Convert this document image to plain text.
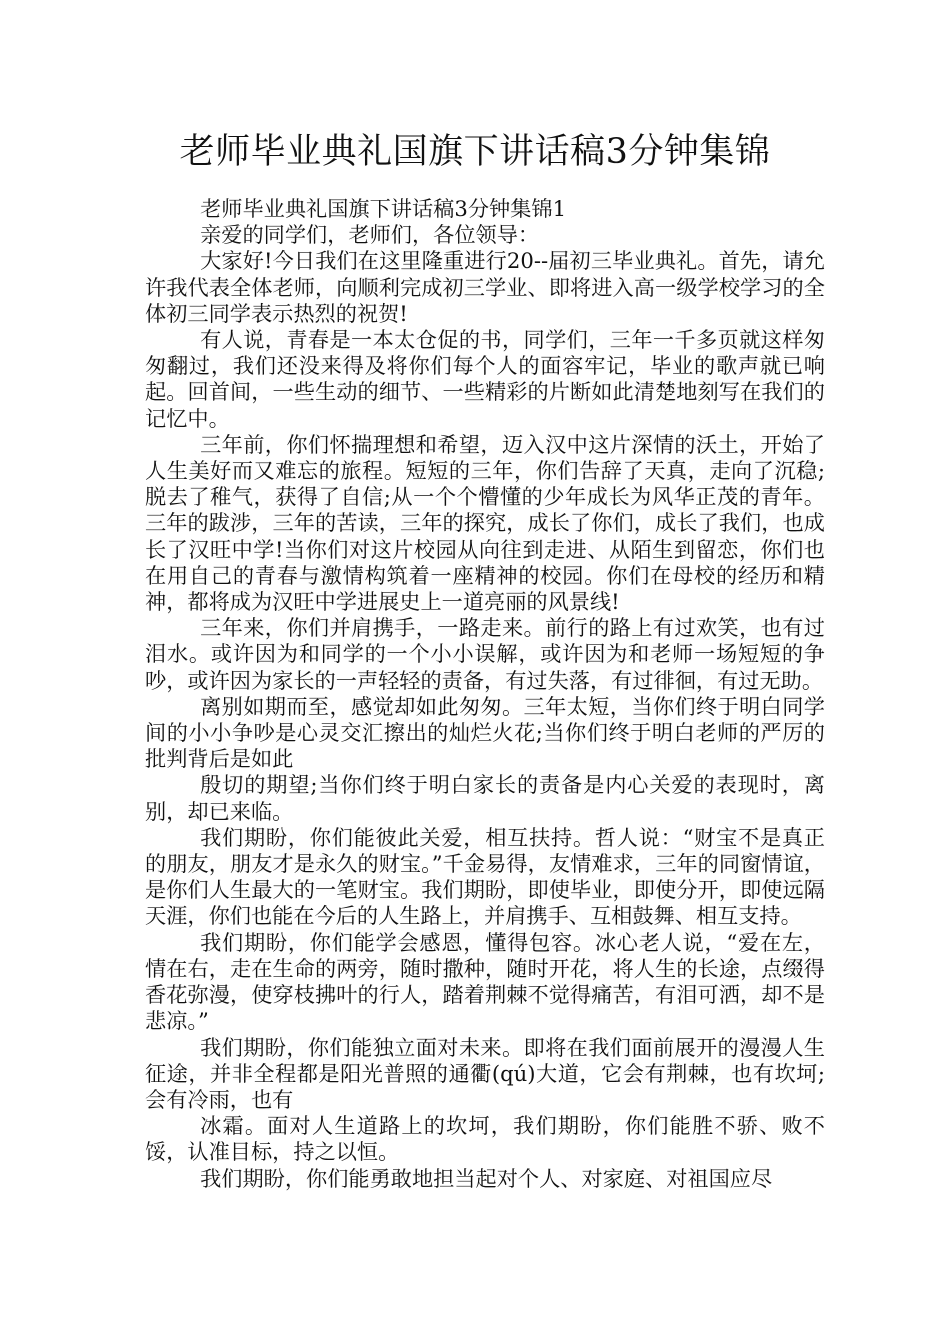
老师毕业典礼国旗下讲话稿3分钟集锦

老师毕业典礼国旗下讲话稿3分钟集锦1

亲爱的同学们，老师们，各位领导：

大家好!今日我们在这里隆重进行20--届初三毕业典礼。首先，请允许我代表全体老师，向顺利完成初三学业、即将进入高一级学校学习的全体初三同学表示热烈的祝贺!

有人说，青春是一本太仓促的书，同学们，三年一千多页就这样匆匆翻过，我们还没来得及将你们每个人的面容牢记，毕业的歌声就已响起。回首间，一些生动的细节、一些精彩的片断如此清楚地刻写在我们的记忆中。

三年前，你们怀揣理想和希望，迈入汉中这片深情的沃土，开始了人生美好而又难忘的旅程。短短的三年，你们告辞了天真，走向了沉稳;脱去了稚气，获得了自信;从一个个懵懂的少年成长为风华正茂的青年。三年的跋涉，三年的苦读，三年的探究，成长了你们，成长了我们，也成长了汉旺中学!当你们对这片校园从向往到走进、从陌生到留恋，你们也在用自己的青春与激情构筑着一座精神的校园。你们在母校的经历和精神，都将成为汉旺中学进展史上一道亮丽的风景线!

三年来，你们并肩携手，一路走来。前行的路上有过欢笑，也有过泪水。或许因为和同学的一个小小误解，或许因为和老师一场短短的争吵，或许因为家长的一声轻轻的责备，有过失落，有过徘徊，有过无助。

离别如期而至，感觉却如此匆匆。三年太短，当你们终于明白同学间的小小争吵是心灵交汇擦出的灿烂火花;当你们终于明白老师的严厉的批判背后是如此

殷切的期望;当你们终于明白家长的责备是内心关爱的表现时，离别，却已来临。

我们期盼，你们能彼此关爱，相互扶持。哲人说：“财宝不是真正的朋友，朋友才是永久的财宝。”千金易得，友情难求，三年的同窗情谊，是你们人生最大的一笔财宝。我们期盼，即使毕业，即使分开，即使远隔天涯，你们也能在今后的人生路上，并肩携手、互相鼓舞、相互支持。

我们期盼，你们能学会感恩，懂得包容。冰心老人说，“爱在左，情在右，走在生命的两旁，随时撒种，随时开花，将人生的长途，点缀得香花弥漫，使穿枝拂叶的行人，踏着荆棘不觉得痛苦，有泪可洒，却不是悲凉。”

我们期盼，你们能独立面对未来。即将在我们面前展开的漫漫人生征途，并非全程都是阳光普照的通衢(qú)大道，它会有荆棘，也有坎坷;会有冷雨，也有

冰霜。面对人生道路上的坎坷，我们期盼，你们能胜不骄、败不馁，认准目标，持之以恒。

我们期盼，你们能勇敢地担当起对个人、对家庭、对祖国应尽
